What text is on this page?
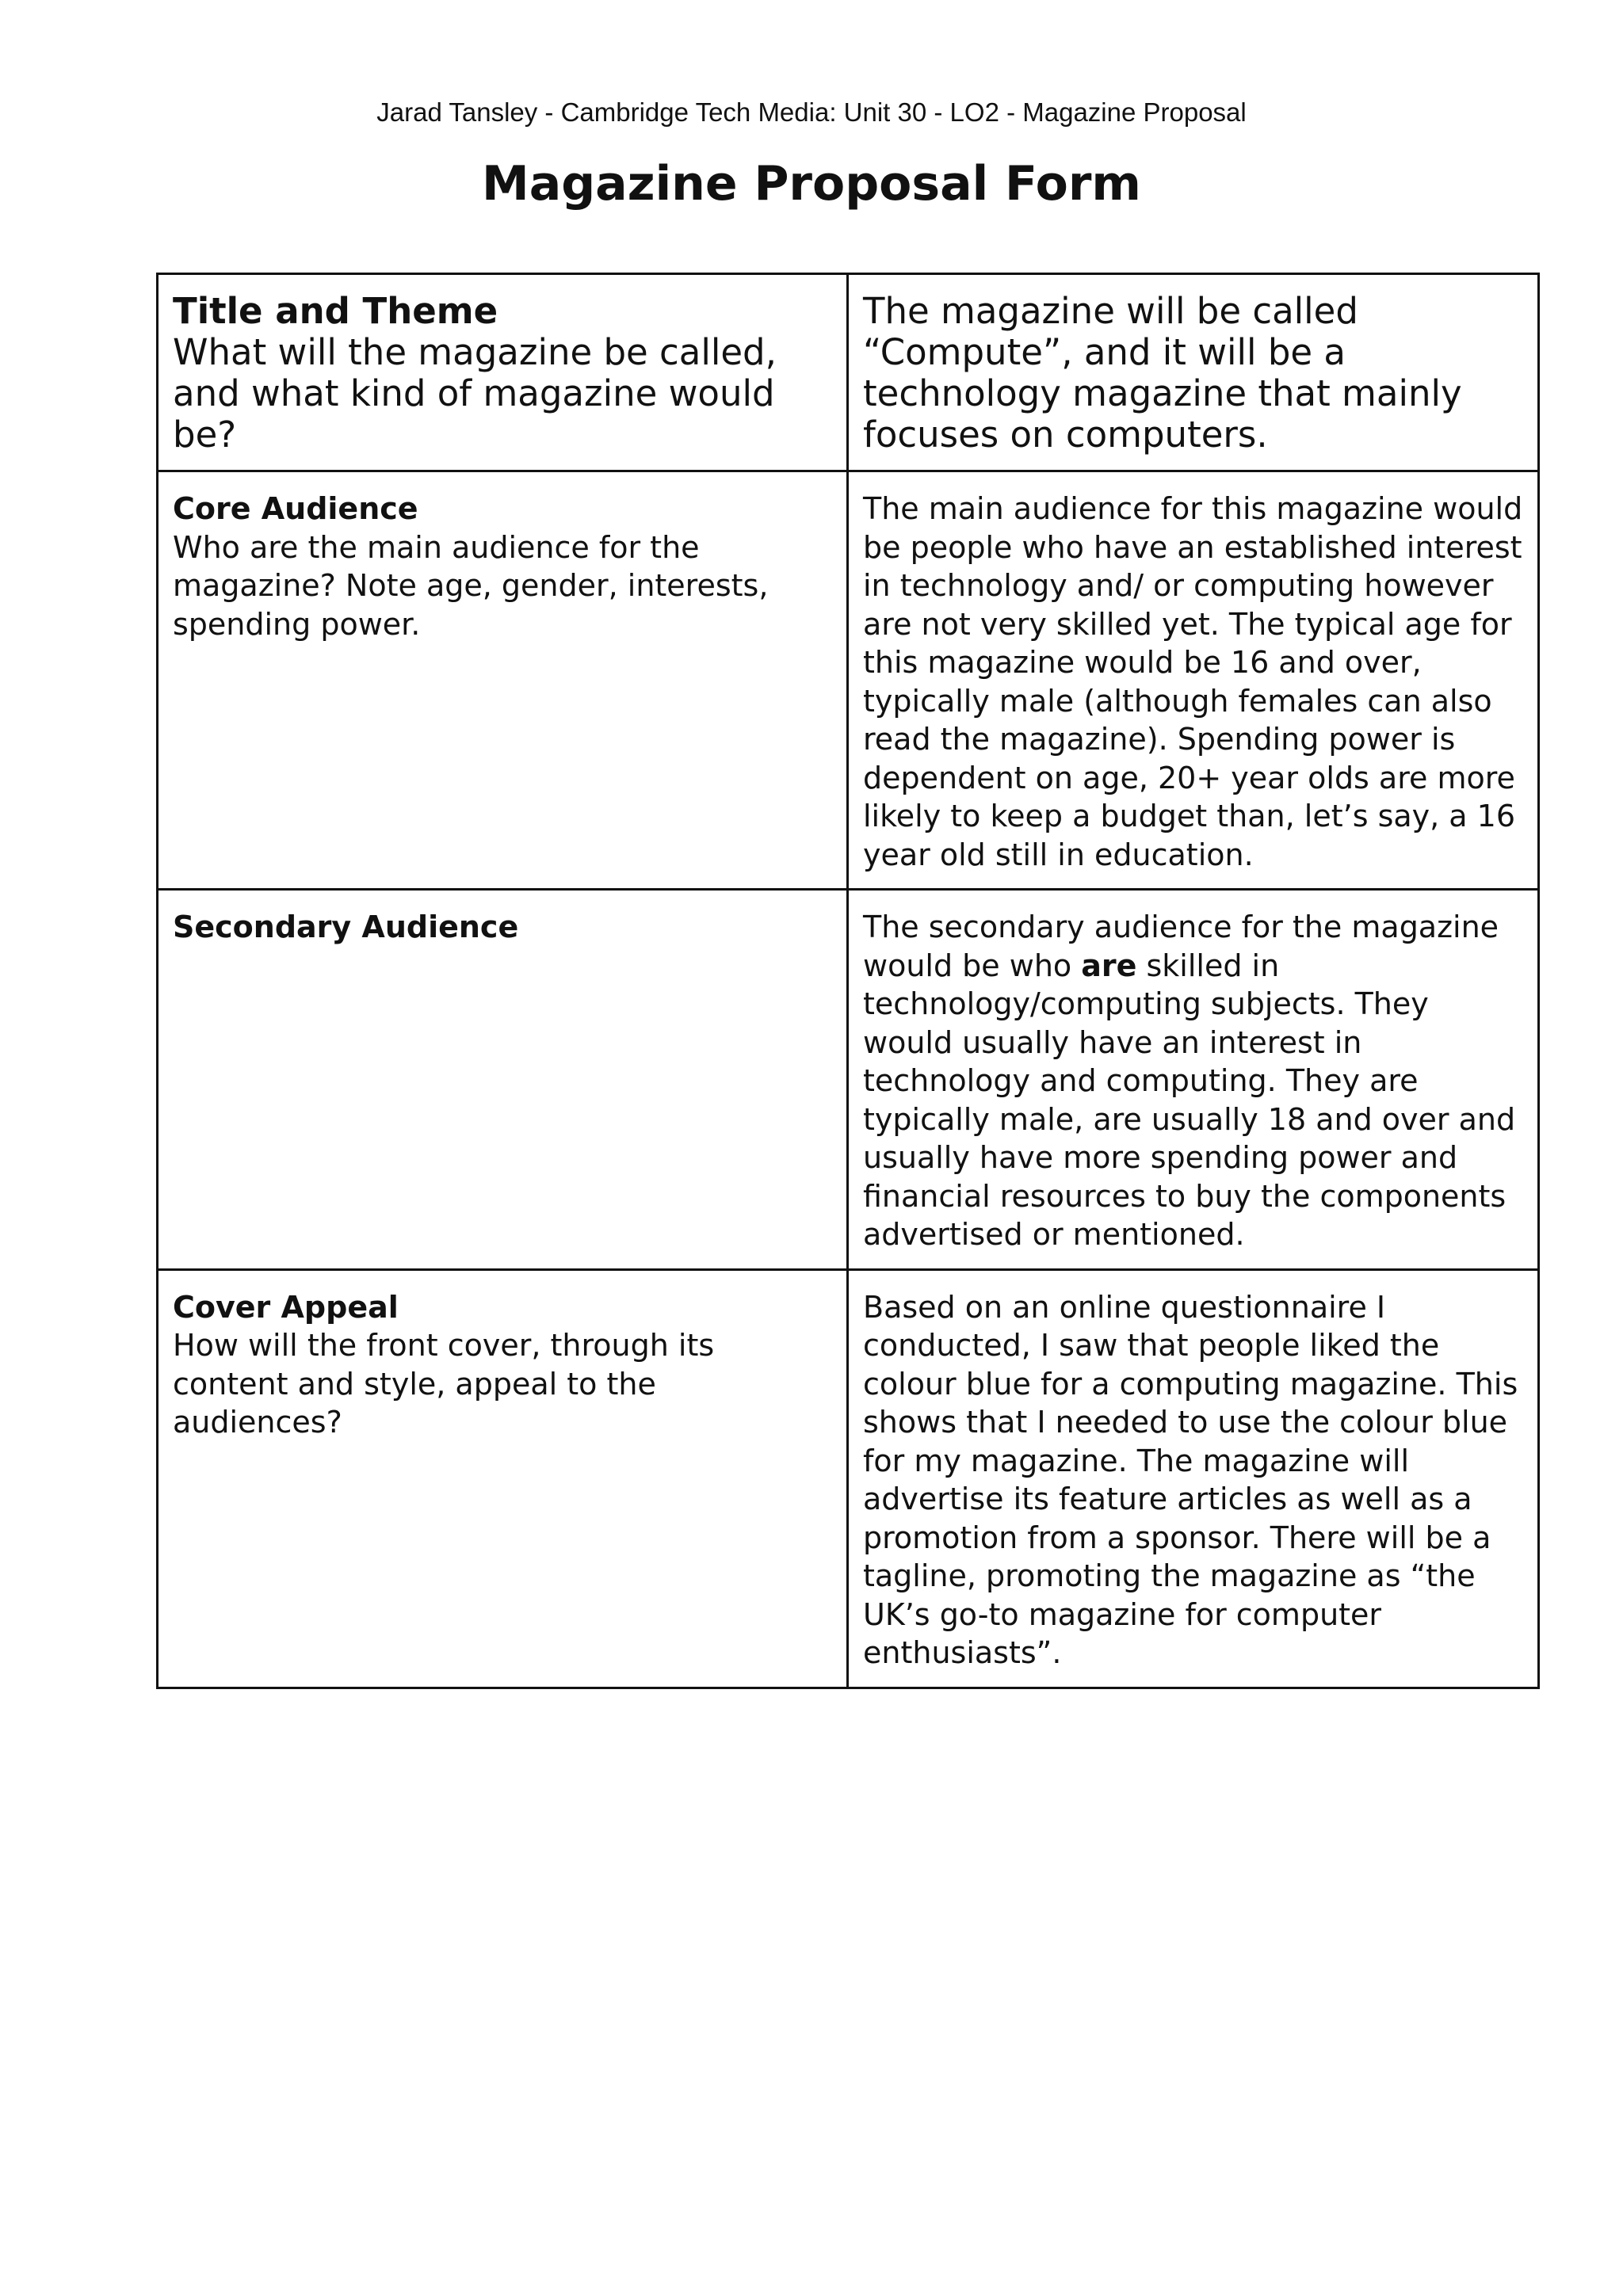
Jarad Tansley - Cambridge Tech Media: Unit 30 - LO2 - Magazine Proposal
Magazine Proposal Form
Title and Theme
What will the magazine be called, and what kind of magazine would be?	The magazine will be called “Compute”, and it will be a technology magazine that mainly focuses on computers.

Core Audience
Who are the main audience for the magazine? Note age, gender, interests, spending power.	The main audience for this magazine would be people who have an established interest in technology and/ or computing however are not very skilled yet. The typical age for this magazine would be 16 and over, typically male (although females can also read the magazine). Spending power is dependent on age, 20+ year olds are more likely to keep a budget than, let’s say, a 16 year old still in education.

Secondary Audience	The secondary audience for the magazine would be who are skilled in technology/computing subjects. They would usually have an interest in technology and computing. They are typically male, are usually 18 and over and usually have more spending power and financial resources to buy the components advertised or mentioned.

Cover Appeal
How will the front cover, through its content and style, appeal to the audiences?	Based on an online questionnaire I conducted, I saw that people liked the colour blue for a computing magazine. This shows that I needed to use the colour blue for my magazine. The magazine will advertise its feature articles as well as a promotion from a sponsor. There will be a tagline, promoting the magazine as “the UK’s go-to magazine for computer enthusiasts”.
